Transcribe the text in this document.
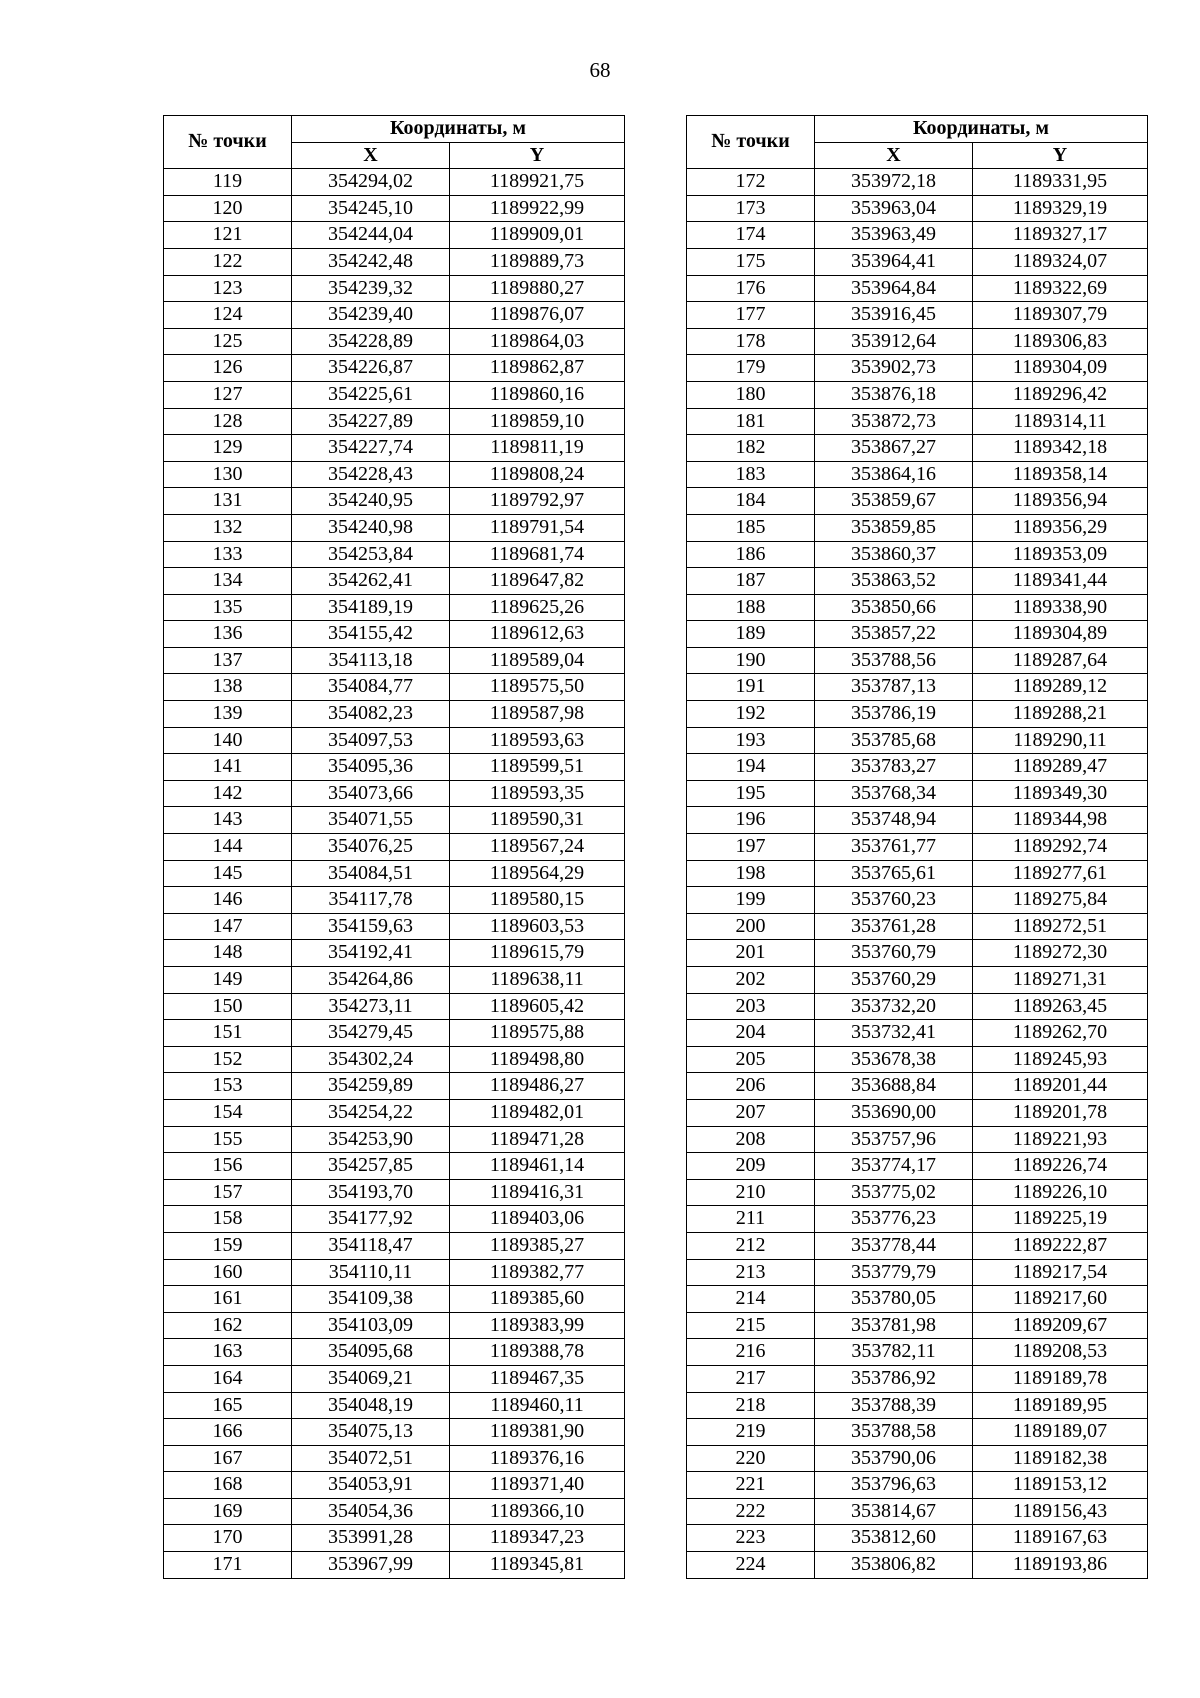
68
№ точки	Координаты, м	
	X	Y
119	354294,02	1189921,75
120	354245,10	1189922,99
121	354244,04	1189909,01
122	354242,48	1189889,73
123	354239,32	1189880,27
124	354239,40	1189876,07
125	354228,89	1189864,03
126	354226,87	1189862,87
127	354225,61	1189860,16
128	354227,89	1189859,10
129	354227,74	1189811,19
130	354228,43	1189808,24
131	354240,95	1189792,97
132	354240,98	1189791,54
133	354253,84	1189681,74
134	354262,41	1189647,82
135	354189,19	1189625,26
136	354155,42	1189612,63
137	354113,18	1189589,04
138	354084,77	1189575,50
139	354082,23	1189587,98
140	354097,53	1189593,63
141	354095,36	1189599,51
142	354073,66	1189593,35
143	354071,55	1189590,31
144	354076,25	1189567,24
145	354084,51	1189564,29
146	354117,78	1189580,15
147	354159,63	1189603,53
148	354192,41	1189615,79
149	354264,86	1189638,11
150	354273,11	1189605,42
151	354279,45	1189575,88
152	354302,24	1189498,80
153	354259,89	1189486,27
154	354254,22	1189482,01
155	354253,90	1189471,28
156	354257,85	1189461,14
157	354193,70	1189416,31
158	354177,92	1189403,06
159	354118,47	1189385,27
160	354110,11	1189382,77
161	354109,38	1189385,60
162	354103,09	1189383,99
163	354095,68	1189388,78
164	354069,21	1189467,35
165	354048,19	1189460,11
166	354075,13	1189381,90
167	354072,51	1189376,16
168	354053,91	1189371,40
169	354054,36	1189366,10
170	353991,28	1189347,23
171	353967,99	1189345,81
№ точки	Координаты, м	
	X	Y
172	353972,18	1189331,95
173	353963,04	1189329,19
174	353963,49	1189327,17
175	353964,41	1189324,07
176	353964,84	1189322,69
177	353916,45	1189307,79
178	353912,64	1189306,83
179	353902,73	1189304,09
180	353876,18	1189296,42
181	353872,73	1189314,11
182	353867,27	1189342,18
183	353864,16	1189358,14
184	353859,67	1189356,94
185	353859,85	1189356,29
186	353860,37	1189353,09
187	353863,52	1189341,44
188	353850,66	1189338,90
189	353857,22	1189304,89
190	353788,56	1189287,64
191	353787,13	1189289,12
192	353786,19	1189288,21
193	353785,68	1189290,11
194	353783,27	1189289,47
195	353768,34	1189349,30
196	353748,94	1189344,98
197	353761,77	1189292,74
198	353765,61	1189277,61
199	353760,23	1189275,84
200	353761,28	1189272,51
201	353760,79	1189272,30
202	353760,29	1189271,31
203	353732,20	1189263,45
204	353732,41	1189262,70
205	353678,38	1189245,93
206	353688,84	1189201,44
207	353690,00	1189201,78
208	353757,96	1189221,93
209	353774,17	1189226,74
210	353775,02	1189226,10
211	353776,23	1189225,19
212	353778,44	1189222,87
213	353779,79	1189217,54
214	353780,05	1189217,60
215	353781,98	1189209,67
216	353782,11	1189208,53
217	353786,92	1189189,78
218	353788,39	1189189,95
219	353788,58	1189189,07
220	353790,06	1189182,38
221	353796,63	1189153,12
222	353814,67	1189156,43
223	353812,60	1189167,63
224	353806,82	1189193,86
